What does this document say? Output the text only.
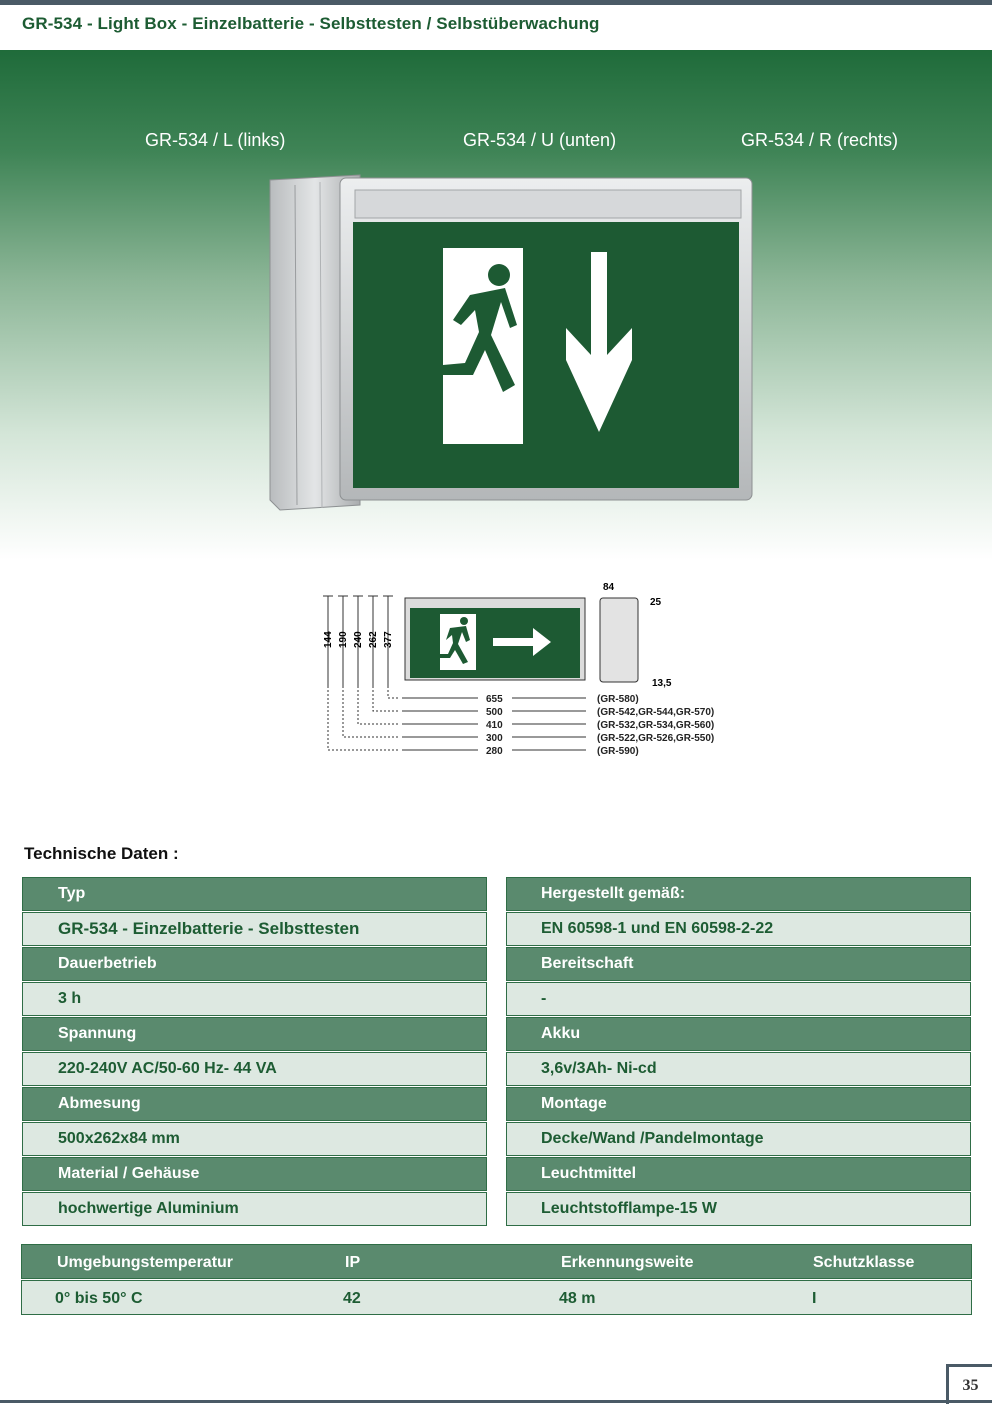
GR-534 - Light Box - Einzelbatterie - Selbsttesten / Selbstüberwachung
GR-534 / L (links)	GR-534 / U (unten)	GR-534 / R (rechts)
144 190 240 262 377
84
25
13,5
655
500
410
300
280
(GR-580)
(GR-542,GR-544,GR-570)
(GR-532,GR-534,GR-560)
(GR-522,GR-526,GR-550)
(GR-590)
Technische Daten :
Typ
GR-534 - Einzelbatterie - Selbsttesten
Dauerbetrieb
3 h
Spannung
220-240V AC/50-60 Hz- 44 VA
Abmesung
500x262x84 mm
Material / Gehäuse
hochwertige Aluminium
Hergestellt gemäß:
EN 60598-1 und EN 60598-2-22
Bereitschaft
-
Akku
3,6v/3Ah- Ni-cd
Montage
Decke/Wand /Pandelmontage
Leuchtmittel
Leuchtstofflampe-15 W
Umgebungstemperatur	IP	Erkennungsweite	Schutzklasse
0° bis 50° C	42	48 m	I
35
